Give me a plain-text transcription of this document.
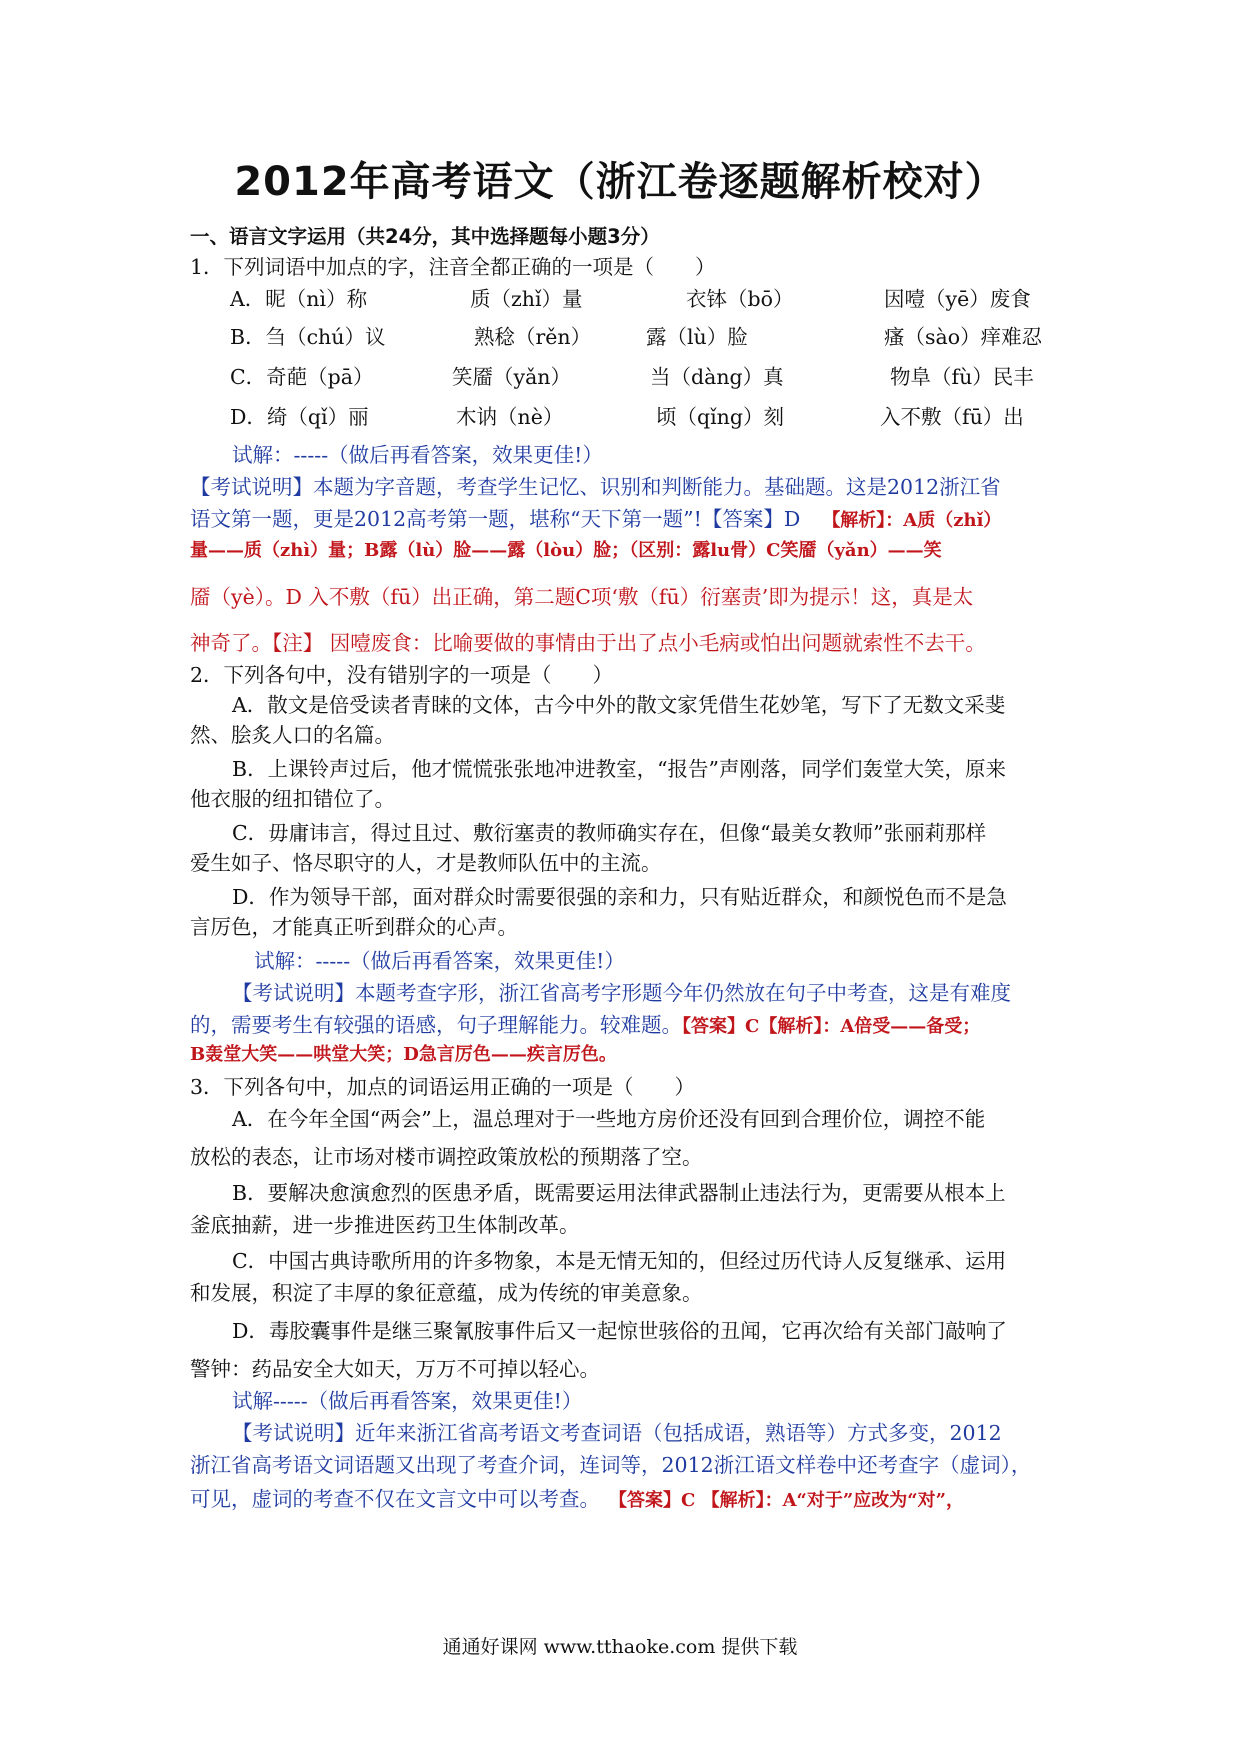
2012年高考语文（浙江卷逐题解析校对）
一、语言文字运用（共24分，其中选择题每小题3分）
1．下列词语中加点的字，注音全都正确的一项是（　　）
A．昵（nì）称	质（zhǐ）量	衣钵（bō）	因噎（yē）废食
B．刍（chú）议	熟稔（rěn）	露（lù）脸	瘙（sào）痒难忍
C．奇葩（pā）	笑靥（yǎn）	当（dàng）真	物阜（fù）民丰
D．绮（qǐ）丽	木讷（nè）	顷（qǐng）刻	入不敷（fū）出
试解：-----（做后再看答案，效果更佳!）
【考试说明】本题为字音题，考查学生记忆、识别和判断能力。基础题。这是2012浙江省
语文第一题，更是2012高考第一题，堪称“天下第一题”!【答案】D 【解析】：A质（zhǐ）
量——质（zhì）量；B露（lù）脸——露（lòu）脸；（区别：露lu骨）C笑靥（yǎn）——笑
靥（yè）。D 入不敷（fū）出正确，第二题C项‘敷（fū）衍塞责’即为提示！这，真是太
神奇了。【注】 因噎废食：比喻要做的事情由于出了点小毛病或怕出问题就索性不去干。
2．下列各句中，没有错别字的一项是（　　）
A．散文是倍受读者青睐的文体，古今中外的散文家凭借生花妙笔，写下了无数文采斐
然、脍炙人口的名篇。
B．上课铃声过后，他才慌慌张张地冲进教室，“报告”声刚落，同学们轰堂大笑，原来
他衣服的纽扣错位了。
C．毋庸讳言，得过且过、敷衍塞责的教师确实存在，但像“最美女教师”张丽莉那样
爱生如子、恪尽职守的人，才是教师队伍中的主流。
D．作为领导干部，面对群众时需要很强的亲和力，只有贴近群众，和颜悦色而不是急
言厉色，才能真正听到群众的心声。
试解：-----（做后再看答案，效果更佳!）
【考试说明】本题考查字形，浙江省高考字形题今年仍然放在句子中考查，这是有难度
的，需要考生有较强的语感，句子理解能力。较难题。【答案】C【解析】：A倍受——备受；
B轰堂大笑——哄堂大笑；D急言厉色——疾言厉色。
3．下列各句中，加点的词语运用正确的一项是（　　）
A．在今年全国“两会”上，温总理对于一些地方房价还没有回到合理价位，调控不能
放松的表态，让市场对楼市调控政策放松的预期落了空。
B．要解决愈演愈烈的医患矛盾，既需要运用法律武器制止违法行为，更需要从根本上
釜底抽薪，进一步推进医药卫生体制改革。
C．中国古典诗歌所用的许多物象，本是无情无知的，但经过历代诗人反复继承、运用
和发展，积淀了丰厚的象征意蕴，成为传统的审美意象。
D．毒胶囊事件是继三聚氰胺事件后又一起惊世骇俗的丑闻，它再次给有关部门敲响了
警钟：药品安全大如天，万万不可掉以轻心。
试解-----（做后再看答案，效果更佳!）
【考试说明】近年来浙江省高考语文考查词语（包括成语，熟语等）方式多变，2012
浙江省高考语文词语题又出现了考查介词，连词等，2012浙江语文样卷中还考查字（虚词），
可见，虚词的考查不仅在文言文中可以考查。 【答案】C 【解析】：A“对于”应改为“对”，
通通好课网 www.tthaoke.com 提供下载
